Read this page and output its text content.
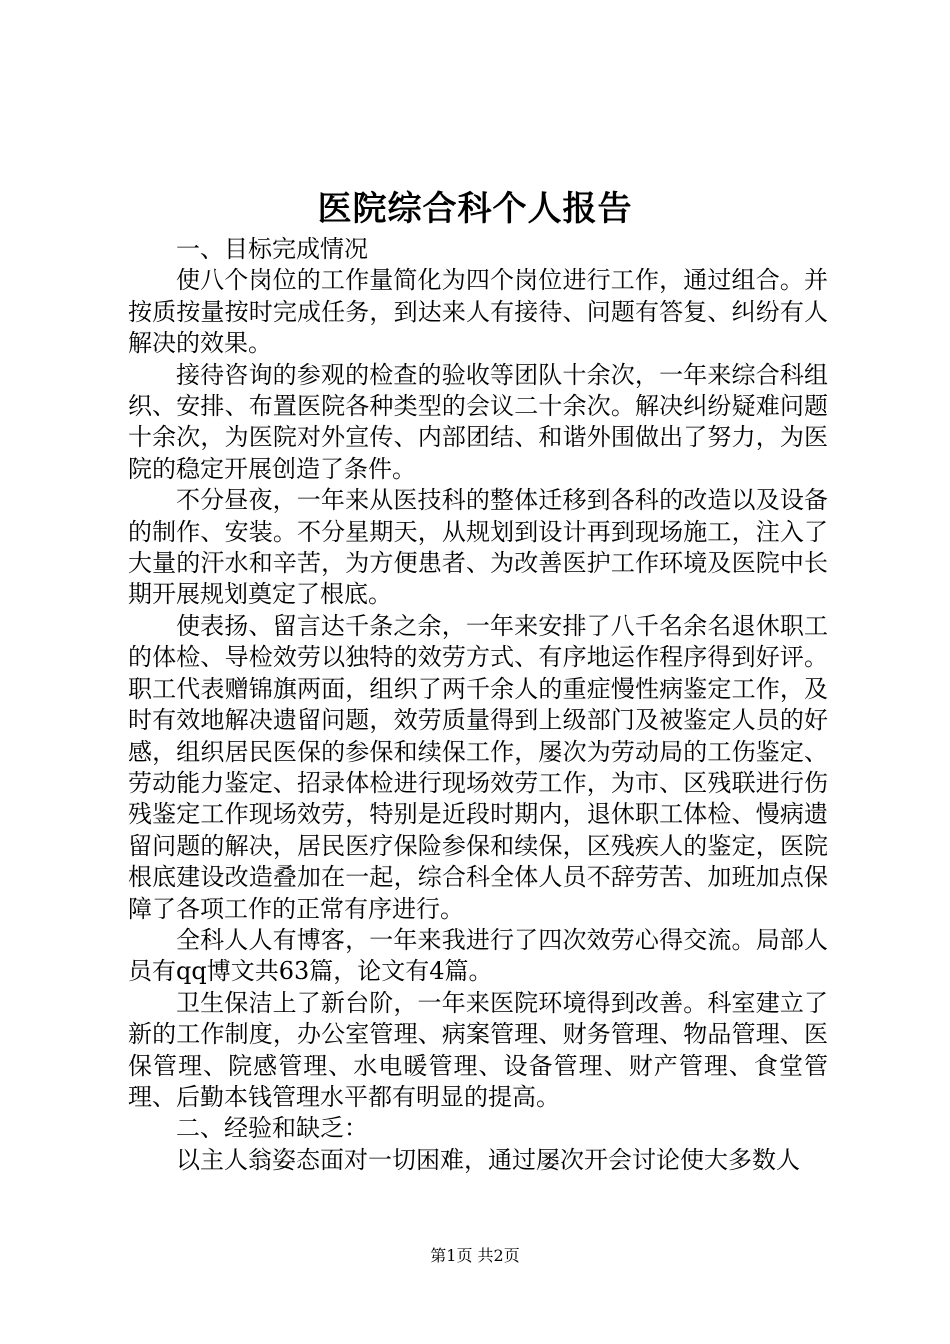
医院综合科个人报告

一、目标完成情况

使八个岗位的工作量简化为四个岗位进行工作，通过组合。并按质按量按时完成任务，到达来人有接待、问题有答复、纠纷有人解决的效果。

接待咨询的参观的检查的验收等团队十余次，一年来综合科组织、安排、布置医院各种类型的会议二十余次。解决纠纷疑难问题十余次，为医院对外宣传、内部团结、和谐外围做出了努力，为医院的稳定开展创造了条件。

不分昼夜，一年来从医技科的整体迁移到各科的改造以及设备的制作、安装。不分星期天，从规划到设计再到现场施工，注入了大量的汗水和辛苦，为方便患者、为改善医护工作环境及医院中长期开展规划奠定了根底。

使表扬、留言达千条之余，一年来安排了八千名余名退休职工的体检、导检效劳以独特的效劳方式、有序地运作程序得到好评。职工代表赠锦旗两面，组织了两千余人的重症慢性病鉴定工作，及时有效地解决遗留问题，效劳质量得到上级部门及被鉴定人员的好感，组织居民医保的参保和续保工作，屡次为劳动局的工伤鉴定、劳动能力鉴定、招录体检进行现场效劳工作，为市、区残联进行伤残鉴定工作现场效劳，特别是近段时期内，退休职工体检、慢病遗留问题的解决，居民医疗保险参保和续保，区残疾人的鉴定，医院根底建设改造叠加在一起，综合科全体人员不辞劳苦、加班加点保障了各项工作的正常有序进行。

全科人人有博客，一年来我进行了四次效劳心得交流。局部人员有qq博文共63篇，论文有4篇。

卫生保洁上了新台阶，一年来医院环境得到改善。科室建立了新的工作制度，办公室管理、病案管理、财务管理、物品管理、医保管理、院感管理、水电暖管理、设备管理、财产管理、食堂管理、后勤本钱管理水平都有明显的提高。

二、经验和缺乏：

以主人翁姿态面对一切困难，通过屡次开会讨论使大多数人

第1页 共2页
